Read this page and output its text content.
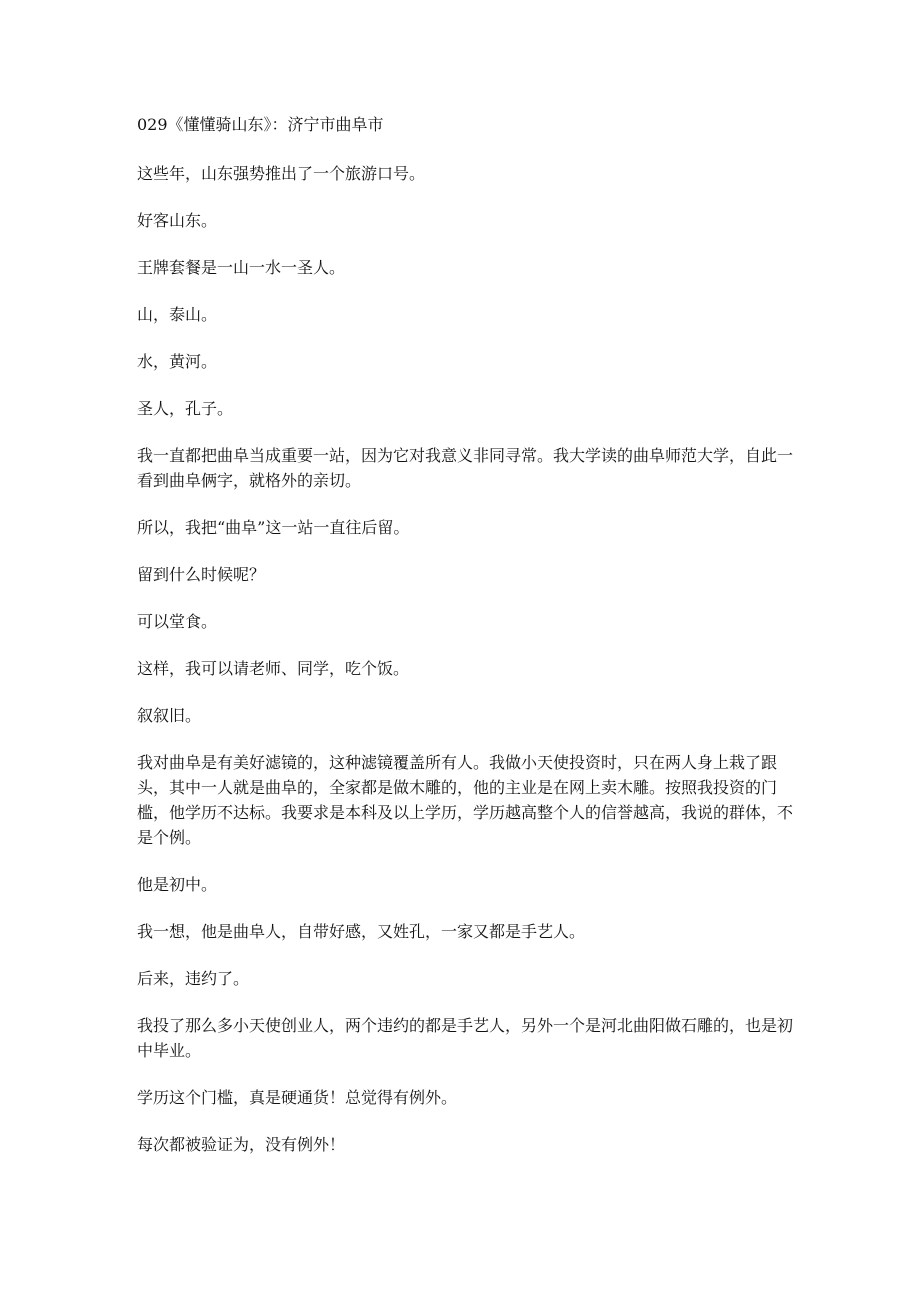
029《懂懂骑山东》：济宁市曲阜市

这些年，山东强势推出了一个旅游口号。

好客山东。

王牌套餐是一山一水一圣人。

山，泰山。

水，黄河。

圣人，孔子。

我一直都把曲阜当成重要一站，因为它对我意义非同寻常。我大学读的曲阜师范大学，自此一看到曲阜俩字，就格外的亲切。

所以，我把“曲阜”这一站一直往后留。

留到什么时候呢？

可以堂食。

这样，我可以请老师、同学，吃个饭。

叙叙旧。

我对曲阜是有美好滤镜的，这种滤镜覆盖所有人。我做小天使投资时，只在两人身上栽了跟头，其中一人就是曲阜的，全家都是做木雕的，他的主业是在网上卖木雕。按照我投资的门槛，他学历不达标。我要求是本科及以上学历，学历越高整个人的信誉越高，我说的群体，不是个例。

他是初中。

我一想，他是曲阜人，自带好感，又姓孔，一家又都是手艺人。

后来，违约了。

我投了那么多小天使创业人，两个违约的都是手艺人，另外一个是河北曲阳做石雕的，也是初中毕业。

学历这个门槛，真是硬通货！总觉得有例外。

每次都被验证为，没有例外！
